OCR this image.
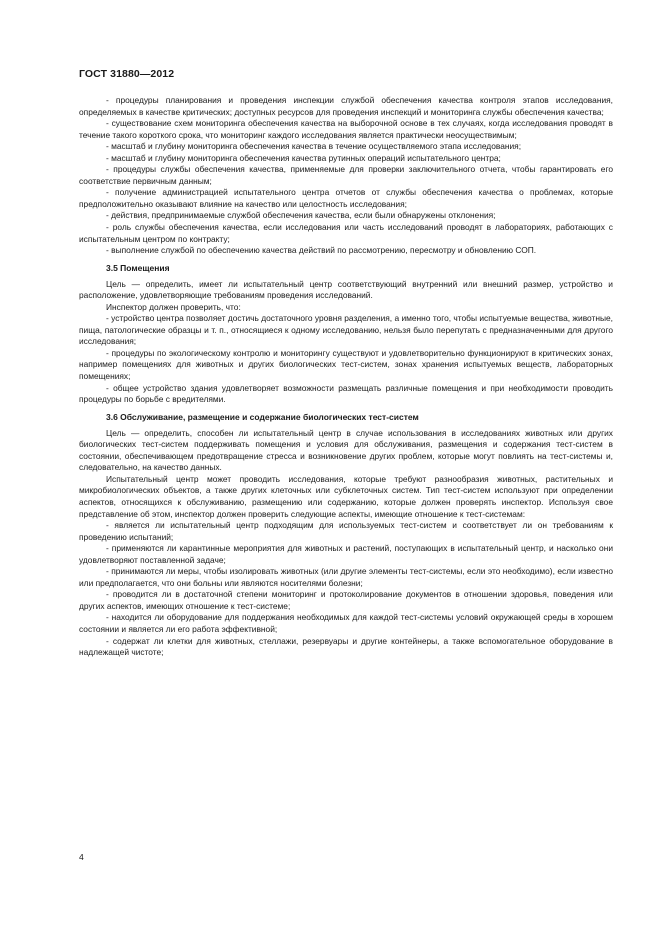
ГОСТ 31880—2012

- процедуры планирования и проведения инспекции службой обеспечения качества контроля этапов исследования, определяемых в качестве критических; доступных ресурсов для проведения инспекций и мониторинга службы обеспечения качества;

- существование схем мониторинга обеспечения качества на выборочной основе в тех случаях, когда исследования проводят в течение такого короткого срока, что мониторинг каждого исследования является практически неосуществимым;

- масштаб и глубину мониторинга обеспечения качества в течение осуществляемого этапа исследования;

- масштаб и глубину мониторинга обеспечения качества рутинных операций испытательного центра;

- процедуры службы обеспечения качества, применяемые для проверки заключительного отчета, чтобы гарантировать его соответствие первичным данным;

- получение администрацией испытательного центра отчетов от службы обеспечения качества о проблемах, которые предположительно оказывают влияние на качество или целостность исследования;

- действия, предпринимаемые службой обеспечения качества, если были обнаружены отклонения;

- роль службы обеспечения качества, если исследования или часть исследований проводят в лабораториях, работающих с испытательным центром по контракту;

- выполнение службой по обеспечению качества действий по рассмотрению, пересмотру и обновлению СОП.

3.5 Помещения

Цель — определить, имеет ли испытательный центр соответствующий внутренний или внешний размер, устройство и расположение, удовлетворяющие требованиям проведения исследований.

Инспектор должен проверить, что:

- устройство центра позволяет достичь достаточного уровня разделения, а именно того, чтобы испытуемые вещества, животные, пища, патологические образцы и т. п., относящиеся к одному исследованию, нельзя было перепутать с предназначенными для другого исследования;

- процедуры по экологическому контролю и мониторингу существуют и удовлетворительно функционируют в критических зонах, например помещениях для животных и других биологических тест-систем, зонах хранения испытуемых веществ, лабораторных помещениях;

- общее устройство здания удовлетворяет возможности размещать различные помещения и при необходимости проводить процедуры по борьбе с вредителями.

3.6 Обслуживание, размещение и содержание биологических тест-систем

Цель — определить, способен ли испытательный центр в случае использования в исследованиях животных или других биологических тест-систем поддерживать помещения и условия для обслуживания, размещения и содержания тест-систем в состоянии, обеспечивающем предотвращение стресса и возникновение других проблем, которые могут повлиять на тест-системы и, следовательно, на качество данных.

Испытательный центр может проводить исследования, которые требуют разнообразия животных, растительных и микробиологических объектов, а также других клеточных или субклеточных систем. Тип тест-систем используют при определении аспектов, относящихся к обслуживанию, размещению или содержанию, которые должен проверять инспектор. Используя свое представление об этом, инспектор должен проверить следующие аспекты, имеющие отношение к тест-системам:

- является ли испытательный центр подходящим для используемых тест-систем и соответствует ли он требованиям к проведению испытаний;

- применяются ли карантинные мероприятия для животных и растений, поступающих в испытательный центр, и насколько они удовлетворяют поставленной задаче;

- принимаются ли меры, чтобы изолировать животных (или другие элементы тест-системы, если это необходимо), если известно или предполагается, что они больны или являются носителями болезни;

- проводится ли в достаточной степени мониторинг и протоколирование документов в отношении здоровья, поведения или других аспектов, имеющих отношение к тест-системе;

- находится ли оборудование для поддержания необходимых для каждой тест-системы условий окружающей среды в хорошем состоянии и является ли его работа эффективной;

- содержат ли клетки для животных, стеллажи, резервуары и другие контейнеры, а также вспомогательное оборудование в надлежащей чистоте;

4
